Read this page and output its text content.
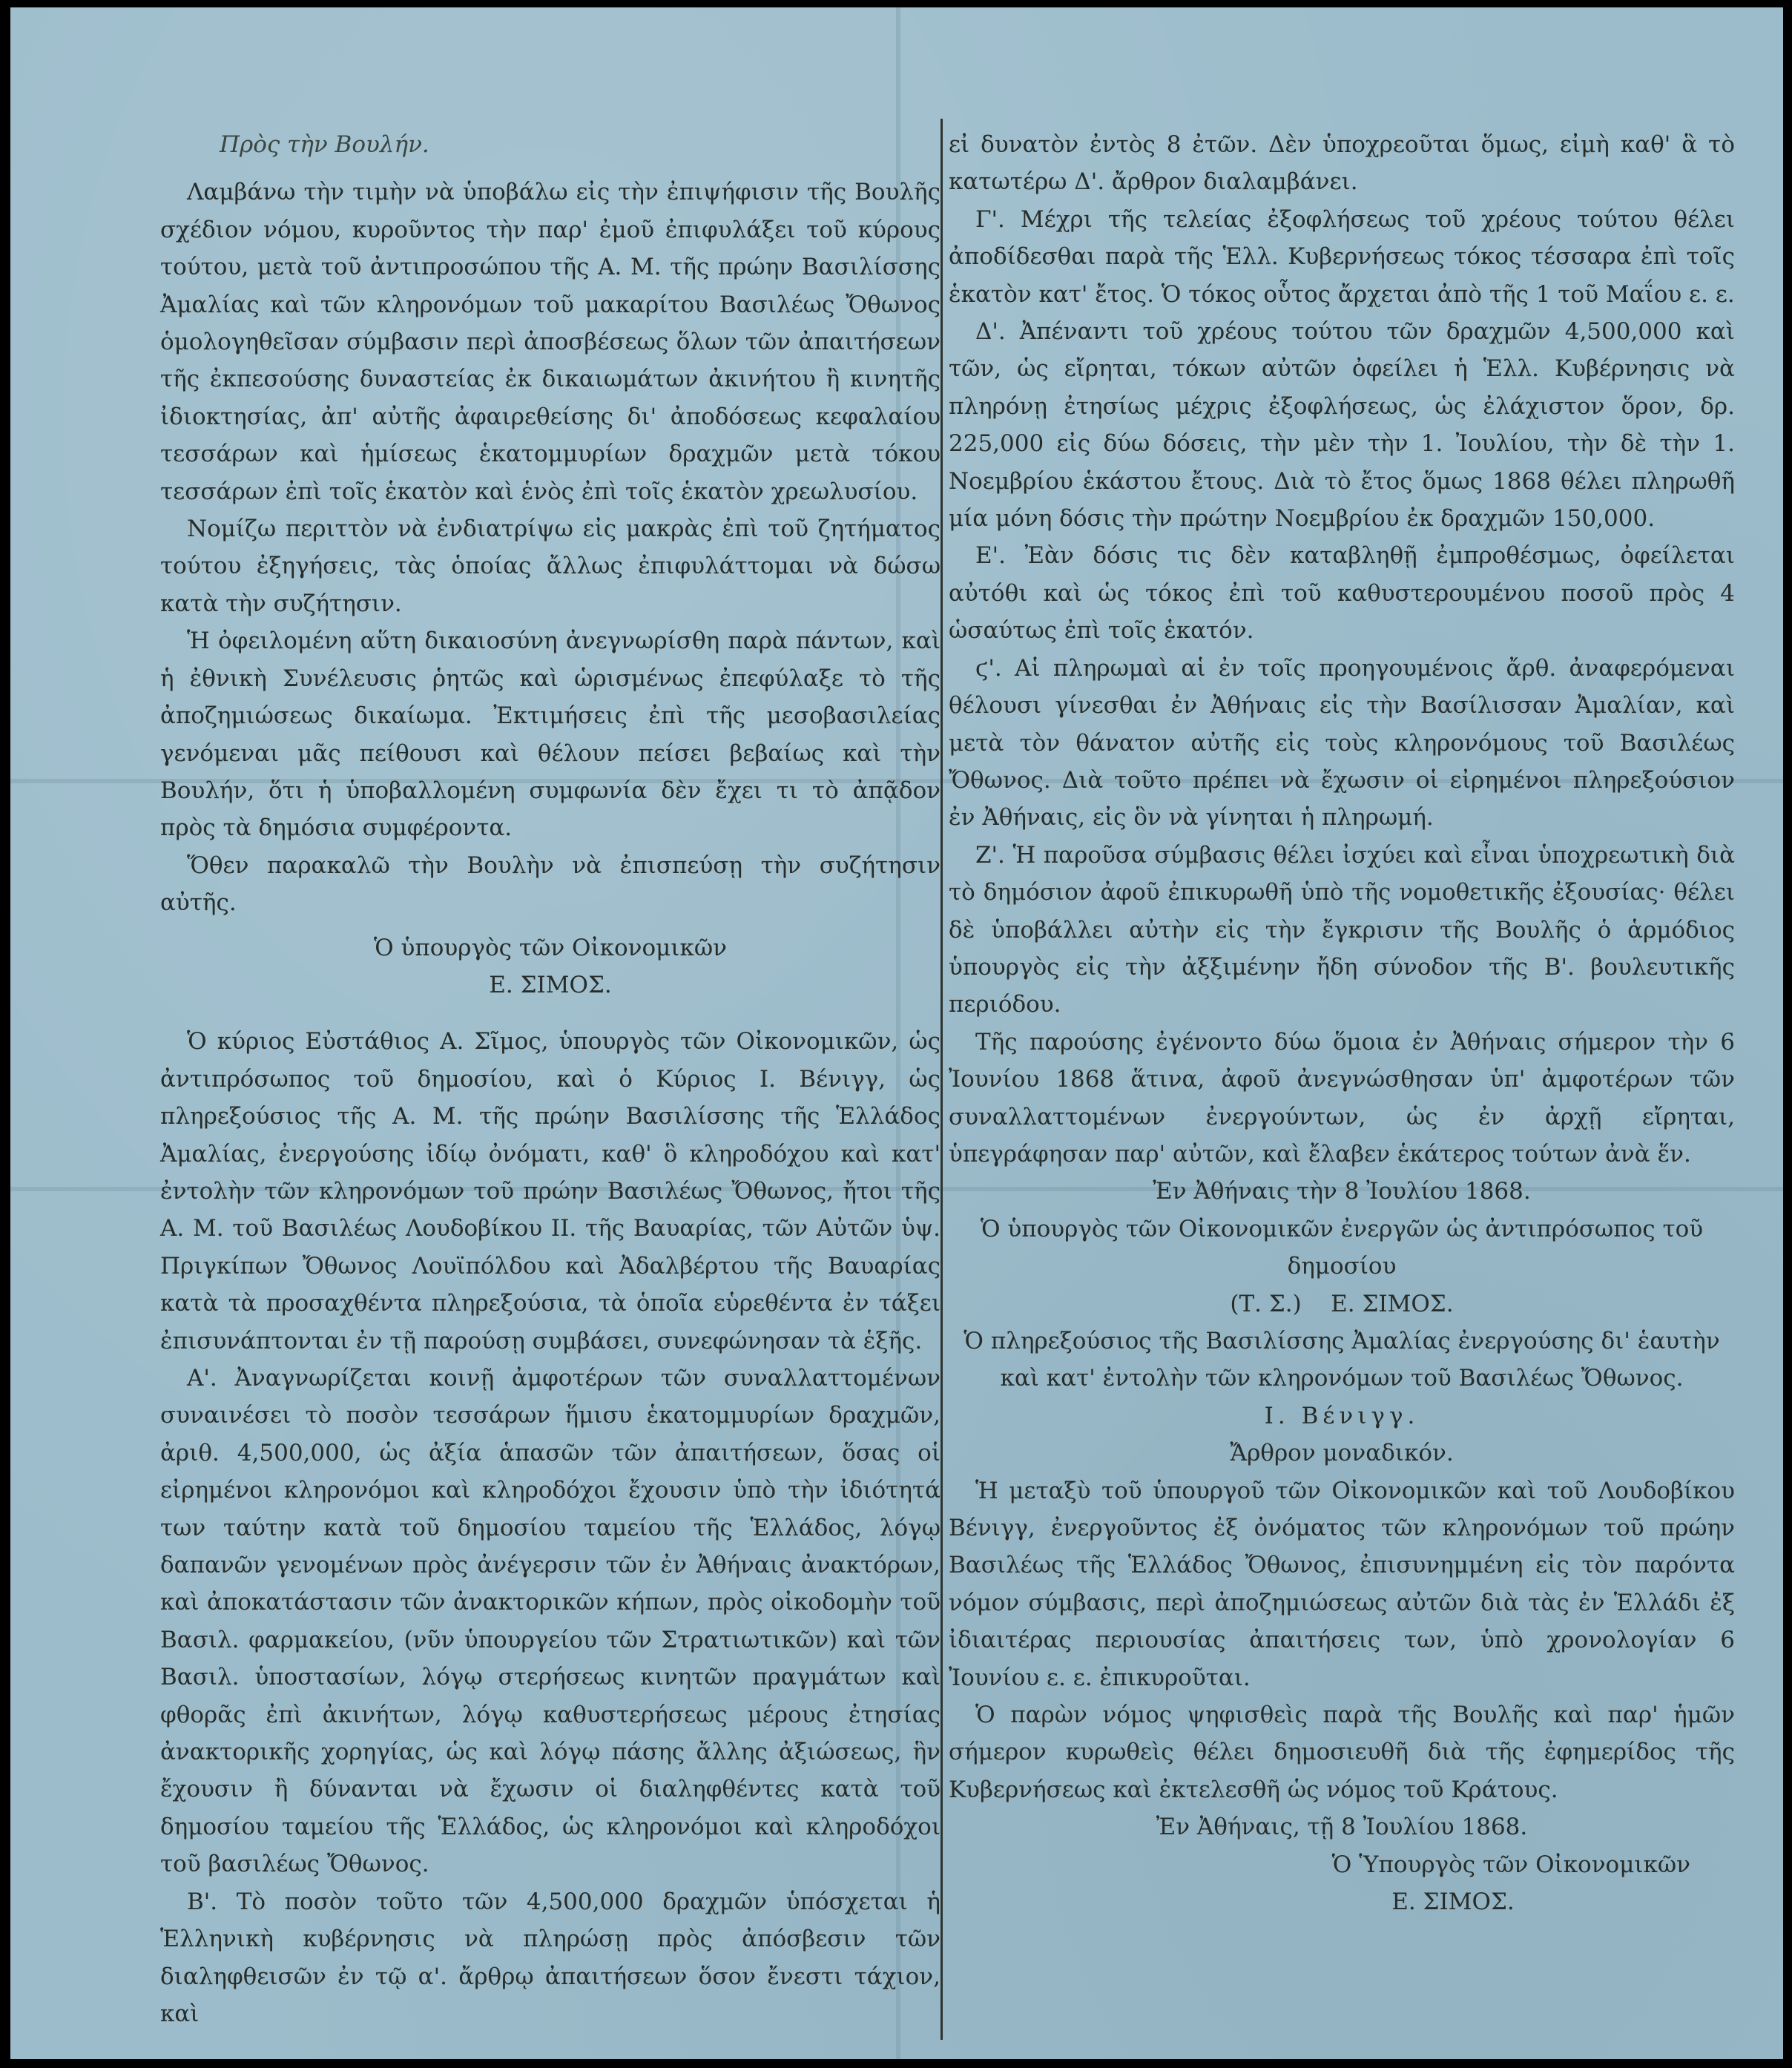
Πρὸς τὴν Βουλήν.

Λαμβάνω τὴν τιμὴν νὰ ὑποβάλω εἰς τὴν ἐπιψήφισιν τῆς Βουλῆς σχέδιον νόμου, κυροῦντος τὴν παρ' ἐμοῦ ἐπιφυλάξει τοῦ κύρους τούτου, μετὰ τοῦ ἀντιπροσώπου τῆς Α. Μ. τῆς πρώην Βασιλίσσης Ἀμαλίας καὶ τῶν κληρονόμων τοῦ μακαρίτου Βασιλέως Ὄθωνος ὁμολογηθεῖσαν σύμβασιν περὶ ἀποσβέσεως ὅλων τῶν ἀπαιτήσεων τῆς ἐκπεσούσης δυναστείας ἐκ δικαιωμάτων ἀκινήτου ἢ κινητῆς ἰδιοκτησίας, ἀπ' αὐτῆς ἀφαιρεθείσης δι' ἀποδόσεως κεφαλαίου τεσσάρων καὶ ἡμίσεως ἑκατομμυρίων δραχμῶν μετὰ τόκου τεσσάρων ἐπὶ τοῖς ἑκατὸν καὶ ἑνὸς ἐπὶ τοῖς ἑκατὸν χρεωλυσίου.

Νομίζω περιττὸν νὰ ἐνδιατρίψω εἰς μακρὰς ἐπὶ τοῦ ζητήματος τούτου ἐξηγήσεις, τὰς ὁποίας ἄλλως ἐπιφυλάττομαι νὰ δώσω κατὰ τὴν συζήτησιν.

Ἡ ὀφειλομένη αὕτη δικαιοσύνη ἀνεγνωρίσθη παρὰ πάντων, καὶ ἡ ἐθνικὴ Συνέλευσις ῥητῶς καὶ ὡρισμένως ἐπεφύλαξε τὸ τῆς ἀποζημιώσεως δικαίωμα. Ἐκτιμήσεις ἐπὶ τῆς μεσοβασιλείας γενόμεναι μᾶς πείθουσι καὶ θέλουν πείσει βεβαίως καὶ τὴν Βουλήν, ὅτι ἡ ὑποβαλλομένη συμφωνία δὲν ἔχει τι τὸ ἀπᾷδον πρὸς τὰ δημόσια συμφέροντα.

Ὅθεν παρακαλῶ τὴν Βουλὴν νὰ ἐπισπεύσῃ τὴν συζήτησιν αὐτῆς.

Ὁ ὑπουργὸς τῶν Οἰκονομικῶν

Ε. ΣΙΜΟΣ.

Ὁ κύριος Εὐστάθιος Α. Σῖμος, ὑπουργὸς τῶν Οἰκονομικῶν, ὡς ἀντιπρόσωπος τοῦ δημοσίου, καὶ ὁ Κύριος Ι. Βένιγγ, ὡς πληρεξούσιος τῆς Α. Μ. τῆς πρώην Βασιλίσσης τῆς Ἑλλάδος Ἀμαλίας, ἐνεργούσης ἰδίῳ ὀνόματι, καθ' ὃ κληροδόχου καὶ κατ' ἐντολὴν τῶν κληρονόμων τοῦ πρώην Βασιλέως Ὄθωνος, ἤτοι τῆς Α. Μ. τοῦ Βασιλέως Λουδοβίκου ΙΙ. τῆς Βαυαρίας, τῶν Αὐτῶν ὑψ. Πριγκίπων Ὄθωνος Λουϊπόλδου καὶ Ἀδαλβέρτου τῆς Βαυαρίας κατὰ τὰ προσαχθέντα πληρεξούσια, τὰ ὁποῖα εὑρεθέντα ἐν τάξει ἐπισυνάπτονται ἐν τῇ παρούσῃ συμβάσει, συνεφώνησαν τὰ ἑξῆς.

Α'. Ἀναγνωρίζεται κοινῇ ἀμφοτέρων τῶν συναλλαττομένων συναινέσει τὸ ποσὸν τεσσάρων ἥμισυ ἑκατομμυρίων δραχμῶν, ἀριθ. 4,500,000, ὡς ἀξία ἁπασῶν τῶν ἀπαιτήσεων, ὅσας οἱ εἰρημένοι κληρονόμοι καὶ κληροδόχοι ἔχουσιν ὑπὸ τὴν ἰδιότητά των ταύτην κατὰ τοῦ δημοσίου ταμείου τῆς Ἑλλάδος, λόγῳ δαπανῶν γενομένων πρὸς ἀνέγερσιν τῶν ἐν Ἀθήναις ἀνακτόρων, καὶ ἀποκατάστασιν τῶν ἀνακτορικῶν κήπων, πρὸς οἰκοδομὴν τοῦ Βασιλ. φαρμακείου, (νῦν ὑπουργείου τῶν Στρατιωτικῶν) καὶ τῶν Βασιλ. ὑποστασίων, λόγῳ στερήσεως κινητῶν πραγμάτων καὶ φθορᾶς ἐπὶ ἀκινήτων, λόγῳ καθυστερήσεως μέρους ἐτησίας ἀνακτορικῆς χορηγίας, ὡς καὶ λόγῳ πάσης ἄλλης ἀξιώσεως, ἣν ἔχουσιν ἢ δύνανται νὰ ἔχωσιν οἱ διαληφθέντες κατὰ τοῦ δημοσίου ταμείου τῆς Ἑλλάδος, ὡς κληρονόμοι καὶ κληροδόχοι τοῦ βασιλέως Ὄθωνος.

Β'. Τὸ ποσὸν τοῦτο τῶν 4,500,000 δραχμῶν ὑπόσχεται ἡ Ἑλληνικὴ κυβέρνησις νὰ πληρώσῃ πρὸς ἀπόσβεσιν τῶν διαληφθεισῶν ἐν τῷ α'. ἄρθρῳ ἀπαιτήσεων ὅσον ἔνεστι τάχιον, καὶ

εἰ δυνατὸν ἐντὸς 8 ἐτῶν. Δὲν ὑποχρεοῦται ὅμως, εἰμὴ καθ' ἃ τὸ κατωτέρω Δ'. ἄρθρον διαλαμβάνει.

Γ'. Μέχρι τῆς τελείας ἐξοφλήσεως τοῦ χρέους τούτου θέλει ἀποδίδεσθαι παρὰ τῆς Ἑλλ. Κυβερνήσεως τόκος τέσσαρα ἐπὶ τοῖς ἑκατὸν κατ' ἔτος. Ὁ τόκος οὗτος ἄρχεται ἀπὸ τῆς 1 τοῦ Μαΐου ε. ε.

Δ'. Ἀπέναντι τοῦ χρέους τούτου τῶν δραχμῶν 4,500,000 καὶ τῶν, ὡς εἴρηται, τόκων αὐτῶν ὀφείλει ἡ Ἑλλ. Κυβέρνησις νὰ πληρόνῃ ἐτησίως μέχρις ἐξοφλήσεως, ὡς ἐλάχιστον ὅρον, δρ. 225,000 εἰς δύω δόσεις, τὴν μὲν τὴν 1. Ἰουλίου, τὴν δὲ τὴν 1. Νοεμβρίου ἑκάστου ἔτους. Διὰ τὸ ἔτος ὅμως 1868 θέλει πληρωθῆ μία μόνη δόσις τὴν πρώτην Νοεμβρίου ἐκ δραχμῶν 150,000.

Ε'. Ἐὰν δόσις τις δὲν καταβληθῇ ἐμπροθέσμως, ὀφείλεται αὐτόθι καὶ ὡς τόκος ἐπὶ τοῦ καθυστερουμένου ποσοῦ πρὸς 4 ὡσαύτως ἐπὶ τοῖς ἑκατόν.

ϛ'. Αἱ πληρωμαὶ αἱ ἐν τοῖς προηγουμένοις ἄρθ. ἀναφερόμεναι θέλουσι γίνεσθαι ἐν Ἀθήναις εἰς τὴν Βασίλισσαν Ἀμαλίαν, καὶ μετὰ τὸν θάνατον αὐτῆς εἰς τοὺς κληρονόμους τοῦ Βασιλέως Ὄθωνος. Διὰ τοῦτο πρέπει νὰ ἔχωσιν οἱ εἰρημένοι πληρεξούσιον ἐν Ἀθήναις, εἰς ὃν νὰ γίνηται ἡ πληρωμή.

Ζ'. Ἡ παροῦσα σύμβασις θέλει ἰσχύει καὶ εἶναι ὑποχρεωτικὴ διὰ τὸ δημόσιον ἀφοῦ ἐπικυρωθῆ ὑπὸ τῆς νομοθετικῆς ἐξουσίας· θέλει δὲ ὑποβάλλει αὐτὴν εἰς τὴν ἔγκρισιν τῆς Βουλῆς ὁ ἁρμόδιος ὑπουργὸς εἰς τὴν ἀξξιμένην ἤδη σύνοδον τῆς Β'. βουλευτικῆς περιόδου.

Τῆς παρούσης ἐγένοντο δύω ὅμοια ἐν Ἀθήναις σήμερον τὴν 6 Ἰουνίου 1868 ἅτινα, ἀφοῦ ἀνεγνώσθησαν ὑπ' ἀμφοτέρων τῶν συναλλαττομένων ἐνεργούντων, ὡς ἐν ἀρχῇ εἴρηται, ὑπεγράφησαν παρ' αὐτῶν, καὶ ἔλαβεν ἑκάτερος τούτων ἀνὰ ἕν.

Ἐν Ἀθήναις τὴν 8 Ἰουλίου 1868.

Ὁ ὑπουργὸς τῶν Οἰκονομικῶν ἐνεργῶν ὡς ἀντιπρόσωπος τοῦ δημοσίου

(Τ. Σ.)    Ε. ΣΙΜΟΣ.

Ὁ πληρεξούσιος τῆς Βασιλίσσης Ἀμαλίας ἐνεργούσης δι' ἑαυτὴν καὶ κατ' ἐντολὴν τῶν κληρονόμων τοῦ Βασιλέως Ὄθωνος.

Ι. Βένιγγ.

Ἄρθρον μοναδικόν.

Ἡ μεταξὺ τοῦ ὑπουργοῦ τῶν Οἰκονομικῶν καὶ τοῦ Λουδοβίκου Βένιγγ, ἐνεργοῦντος ἐξ ὀνόματος τῶν κληρονόμων τοῦ πρώην Βασιλέως τῆς Ἑλλάδος Ὄθωνος, ἐπισυνημμένη εἰς τὸν παρόντα νόμον σύμβασις, περὶ ἀποζημιώσεως αὐτῶν διὰ τὰς ἐν Ἑλλάδι ἐξ ἰδιαιτέρας περιουσίας ἀπαιτήσεις των, ὑπὸ χρονολογίαν 6 Ἰουνίου ε. ε. ἐπικυροῦται.

Ὁ παρὼν νόμος ψηφισθεὶς παρὰ τῆς Βουλῆς καὶ παρ' ἡμῶν σήμερον κυρωθεὶς θέλει δημοσιευθῆ διὰ τῆς ἐφημερίδος τῆς Κυβερνήσεως καὶ ἐκτελεσθῆ ὡς νόμος τοῦ Κράτους.

Ἐν Ἀθήναις, τῇ 8 Ἰουλίου 1868.

Ὁ Ὑπουργὸς τῶν Οἰκονομικῶν

Ε. ΣΙΜΟΣ.
